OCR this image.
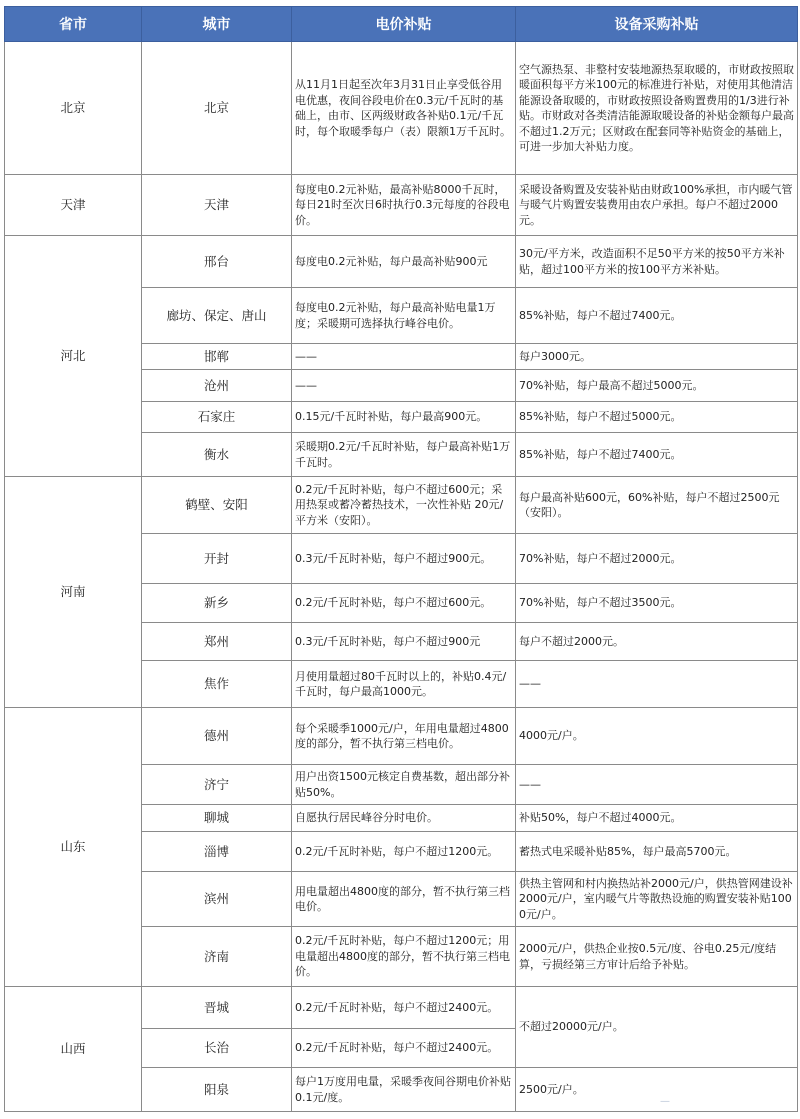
省市	城市	电价补贴	设备采购补贴
北京	北京	从11月1日起至次年3月31日止享受低谷用电优惠，夜间谷段电价在0.3元/千瓦时的基础上，由市、区两级财政各补贴0.1元/千瓦时，每个取暖季每户（表）限额1万千瓦时。	空气源热泵、非整村安装地源热泵取暖的，市财政按照取暖面积每平方米100元的标准进行补贴，对使用其他清洁能源设备取暖的，市财政按照设备购置费用的1/3进行补贴。市财政对各类清洁能源取暖设备的补贴金额每户最高不超过1.2万元；区财政在配套同等补贴资金的基础上，可进一步加大补贴力度。
天津	天津	每度电0.2元补贴，最高补贴8000千瓦时，每日21时至次日6时执行0.3元每度的谷段电价。	采暖设备购置及安装补贴由财政100%承担，市内暖气管与暖气片购置安装费用由农户承担。每户不超过2000元。
河北	邢台	每度电0.2元补贴，每户最高补贴900元	30元/平方米，改造面积不足50平方米的按50平方米补贴，超过100平方米的按100平方米补贴。
	廊坊、保定、唐山	每度电0.2元补贴，每户最高补贴电量1万度；采暖期可选择执行峰谷电价。	85%补贴，每户不超过7400元。
	邯郸	——	每户3000元。
	沧州	——	70%补贴，每户最高不超过5000元。
	石家庄	0.15元/千瓦时补贴，每户最高900元。	85%补贴，每户不超过5000元。
	衡水	采暖期0.2元/千瓦时补贴，每户最高补贴1万千瓦时。	85%补贴，每户不超过7400元。
河南	鹤壁、安阳	0.2元/千瓦时补贴，每户不超过600元；采用热泵或蓄冷蓄热技术，一次性补贴 20元/平方米（安阳）。	每户最高补贴600元，60%补贴，每户不超过2500元（安阳）。
	开封	0.3元/千瓦时补贴，每户不超过900元。	70%补贴，每户不超过2000元。
	新乡	0.2元/千瓦时补贴，每户不超过600元。	70%补贴，每户不超过3500元。
	郑州	0.3元/千瓦时补贴，每户不超过900元	每户不超过2000元。
	焦作	月使用量超过80千瓦时以上的，补贴0.4元/千瓦时，每户最高1000元。	——
山东	德州	每个采暖季1000元/户，年用电量超过4800度的部分，暂不执行第三档电价。	4000元/户。
	济宁	用户出资1500元核定自费基数，超出部分补贴50%。	——
	聊城	自愿执行居民峰谷分时电价。	补贴50%，每户不超过4000元。
	淄博	0.2元/千瓦时补贴，每户不超过1200元。	蓄热式电采暖补贴85%，每户最高5700元。
	滨州	用电量超出4800度的部分，暂不执行第三档电价。	供热主管网和村内换热站补2000元/户，供热管网建设补2000元/户，室内暖气片等散热设施的购置安装补贴1000元/户。
	济南	0.2元/千瓦时补贴，每户不超过1200元；用电量超出4800度的部分，暂不执行第三档电价。	2000元/户，供热企业按0.5元/度、谷电0.25元/度结算，亏损经第三方审计后给予补贴。
山西	晋城	0.2元/千瓦时补贴，每户不超过2400元。	不超过20000元/户。
	长治	0.2元/千瓦时补贴，每户不超过2400元。	
	阳泉	每户1万度用电量，采暖季夜间谷期电价补贴0.1元/度。	2500元/户。
—
